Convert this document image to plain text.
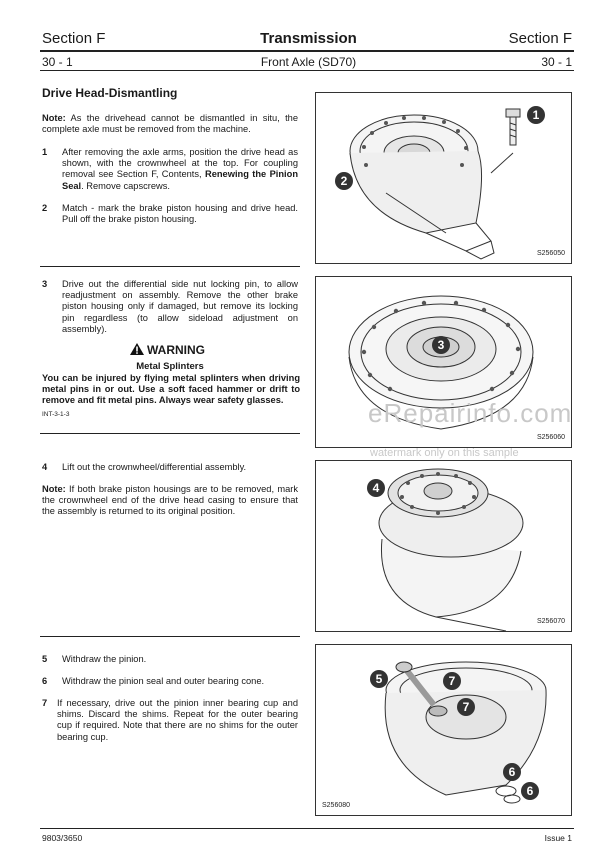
Section F	Transmission	Section F
30 - 1	Front Axle (SD70)	30 - 1
Drive Head-Dismantling
Note: As the drivehead cannot be dismantled in situ, the complete axle must be removed from the machine.
1 After removing the axle arms, position the drive head as shown, with the crownwheel at the top. For coupling removal see Section F, Contents, Renewing the Pinion Seal. Remove capscrews.
2 Match - mark the brake piston housing and drive head. Pull off the brake piston housing.
3 Drive out the differential side nut locking pin, to allow readjustment on assembly. Remove the other brake piston housing only if damaged, but remove its locking pin regardless (to allow sideload adjustment on assembly).
WARNING
Metal Splinters
You can be injured by flying metal splinters when driving metal pins in or out. Use a soft faced hammer or drift to remove and fit metal pins. Always wear safety glasses.
INT-3-1-3
4 Lift out the crownwheel/differential assembly.
Note: If both brake piston housings are to be removed, mark the crownwheel end of the drive head casing to ensure that the assembly is returned to its original position.
5 Withdraw the pinion.
6 Withdraw the pinion seal and outer bearing cone.
7 If necessary, drive out the pinion inner bearing cup and shims. Discard the shims. Repeat for the outer bearing cup if required. Note that there are no shims for the outer bearing cup.
1
2
S256050
3
S256060
4
S256070
5	7
7
6
6
S256080
eRepairinfo.com
watermark only on this sample
9803/3650	Issue 1
